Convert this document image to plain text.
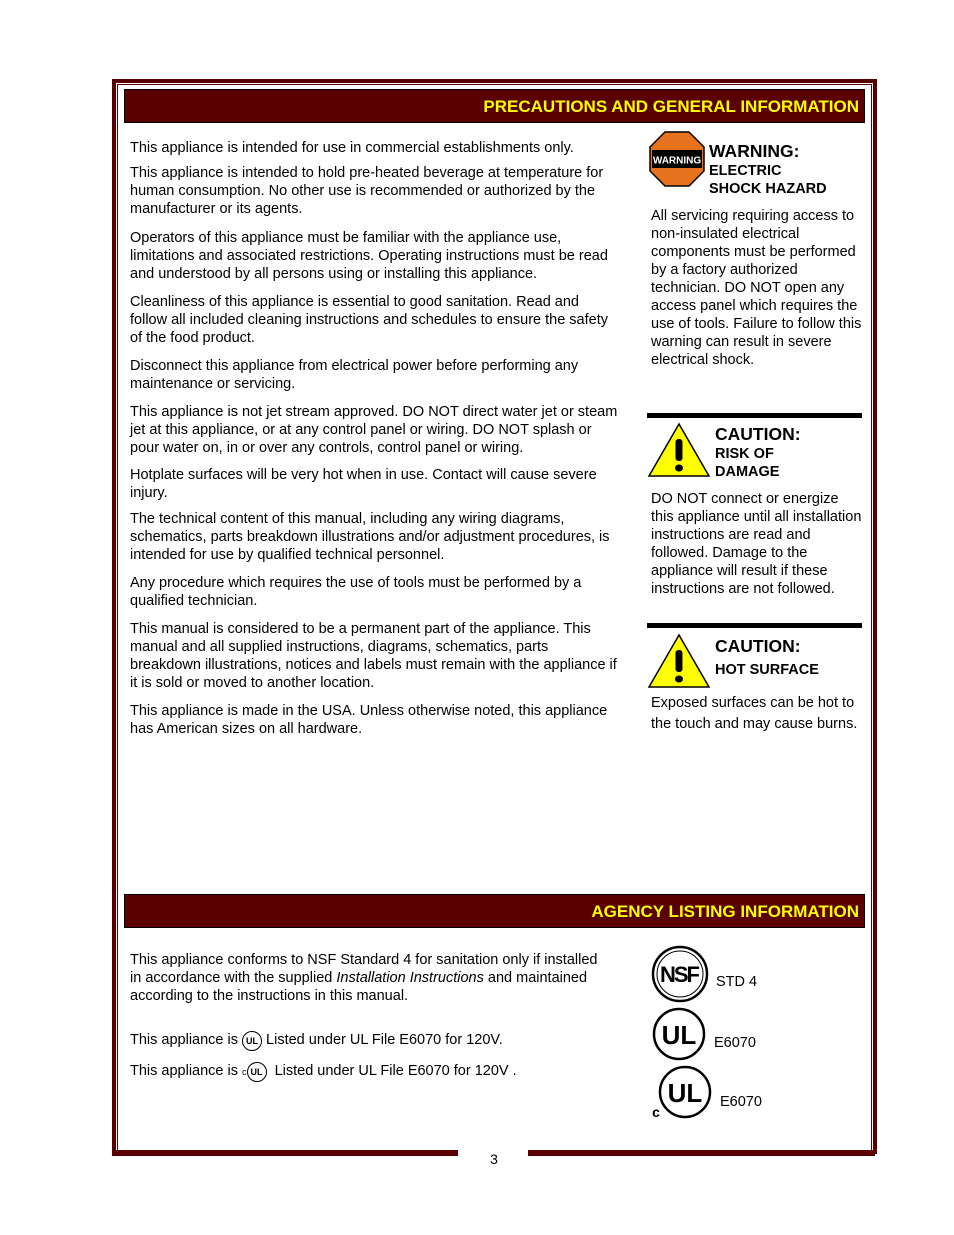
3
PRECAUTIONS AND GENERAL INFORMATION

This appliance is intended for use in commercial establishments only.

This appliance is intended to hold pre-heated beverage at temperature for human consumption. No other use is recommended or authorized by the manufacturer or its agents.

Operators of this appliance must be familiar with the appliance use, limitations and associated restrictions. Operating instructions must be read and understood by all persons using or installing this appliance.

Cleanliness of this appliance is essential to good sanitation. Read and follow all included cleaning instructions and schedules to ensure the safety of the food product.

Disconnect this appliance from electrical power before performing any maintenance or servicing.

This appliance is not jet stream approved. DO NOT direct water jet or steam jet at this appliance, or at any control panel or wiring. DO NOT splash or pour water on, in or over any controls, control panel or wiring.

Hotplate surfaces will be very hot when in use. Contact will cause severe injury.

The technical content of this manual, including any wiring diagrams, schematics, parts breakdown illustrations and/or adjustment procedures, is intended for use by qualified technical personnel.

Any procedure which requires the use of tools must be performed by a qualified technician.

This manual is considered to be a permanent part of the appliance. This manual and all supplied instructions, diagrams, schematics, parts breakdown illustrations, notices and labels must remain with the appliance if it is sold or moved to another location.

This appliance is made in the USA. Unless otherwise noted, this appliance has American sizes on all hardware.

WARNING WARNING:
ELECTRIC
SHOCK HAZARD
All servicing requiring access to non-insulated electrical components must be performed by a factory authorized technician. DO NOT open any access panel which requires the use of tools. Failure to follow this warning can result in severe electrical shock.
CAUTION:
RISK OF
DAMAGE
DO NOT connect or energize this appliance until all installation instructions are read and followed. Damage to the appliance will result if these instructions are not followed.
CAUTION:
HOT SURFACE
Exposed surfaces can be hot to the touch and may cause burns.
AGENCY LISTING INFORMATION

This appliance conforms to NSF Standard 4 for sanitation only if installed in accordance with the supplied Installation Instructions and maintained according to the instructions in this manual.

This appliance is UL Listed under UL File E6070 for 120V.

This appliance is c UL Listed under UL File E6070 for 120V .

NSF STD 4
UL E6070
UL
c
E6070
